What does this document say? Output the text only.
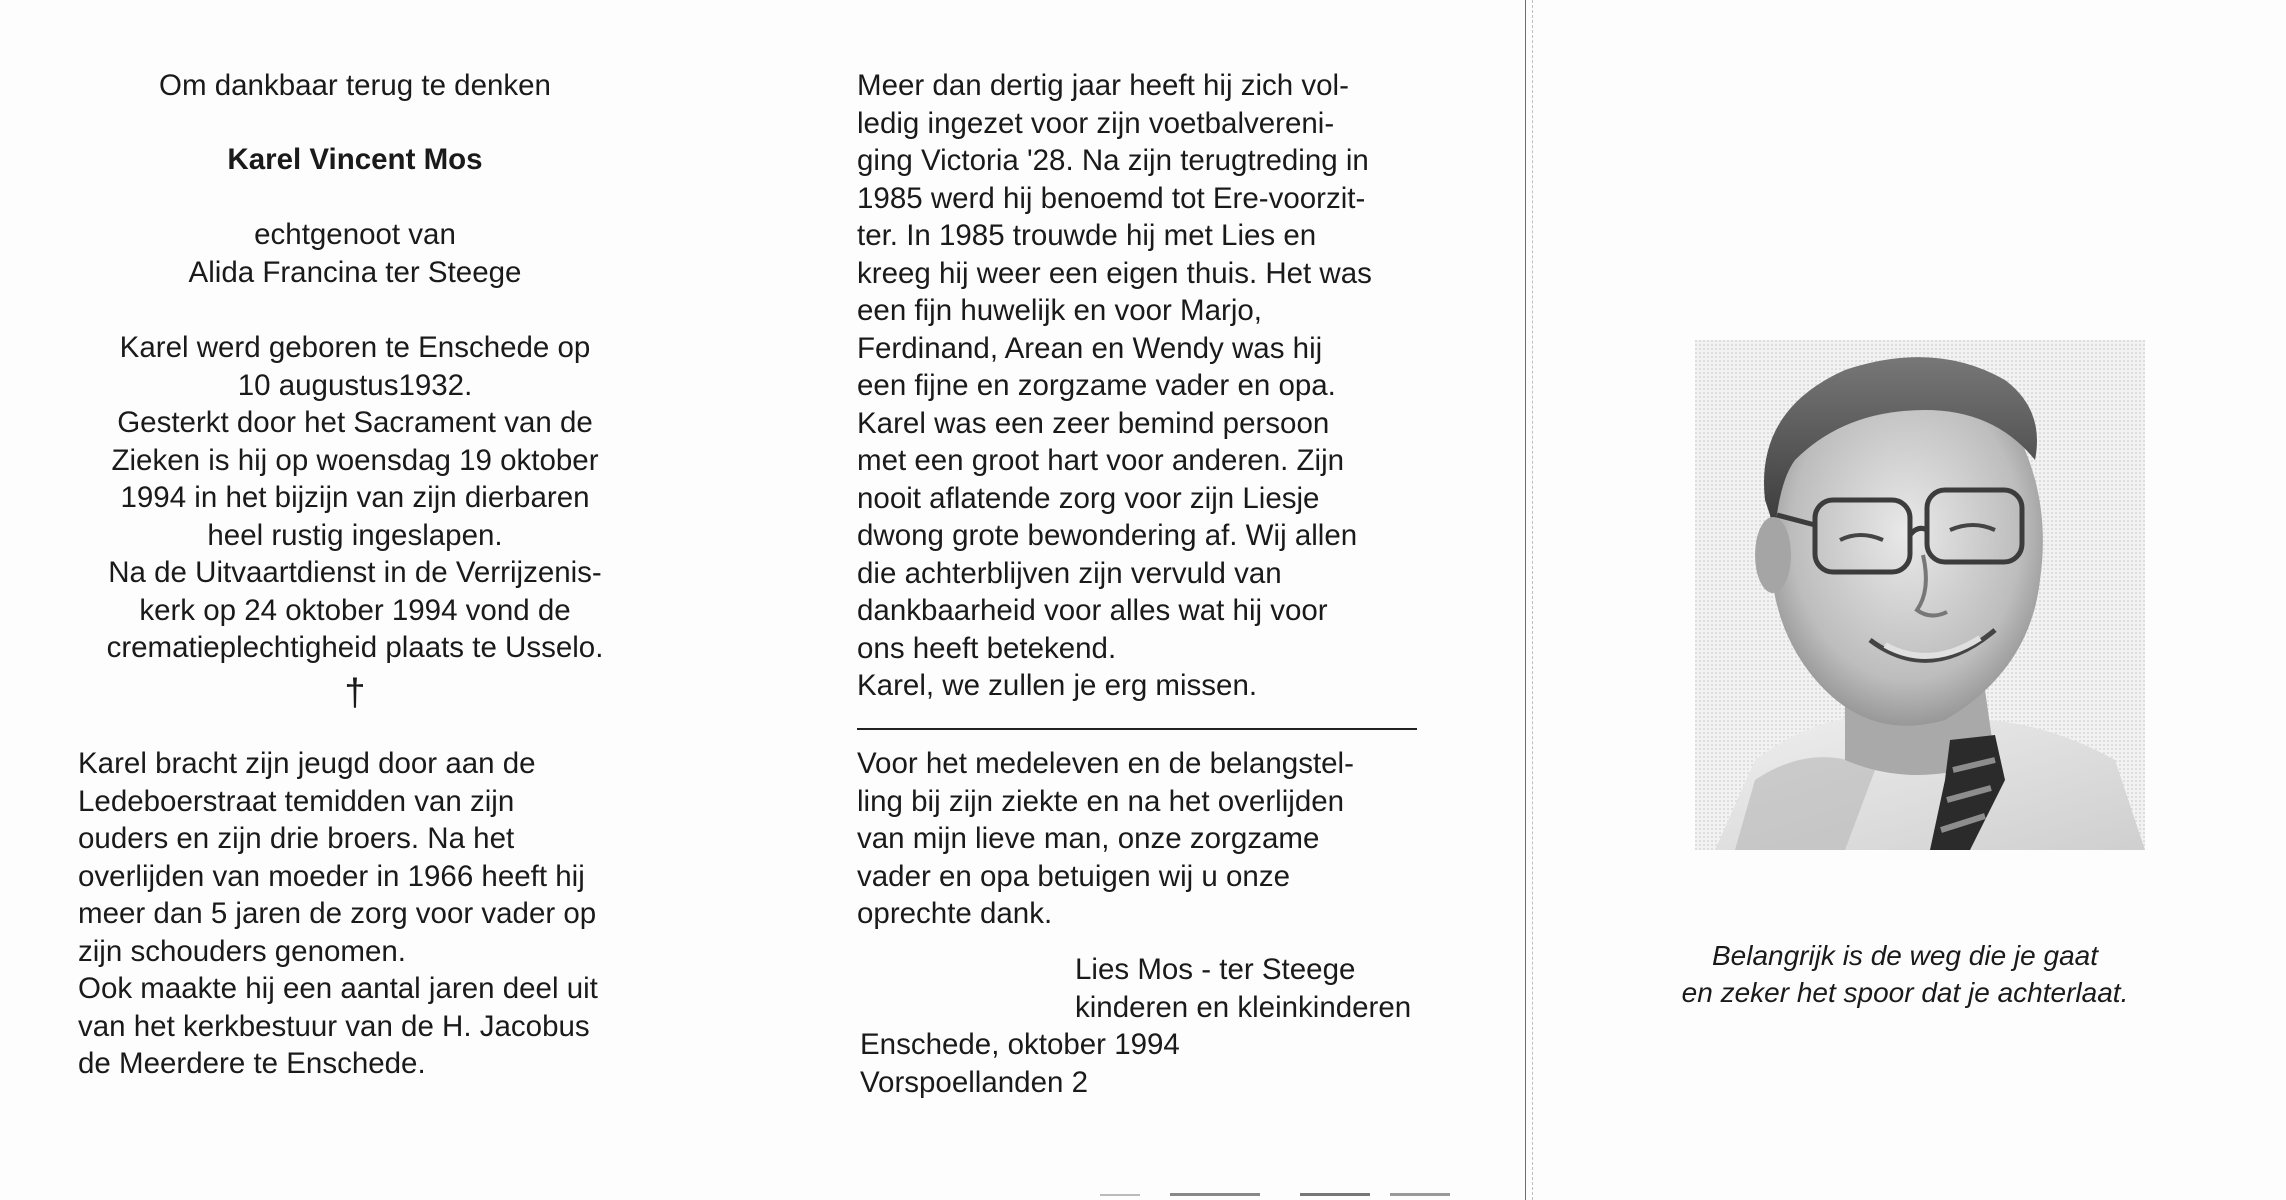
Om dankbaar terug te denken
Karel Vincent Mos
echtgenoot van
Alida Francina ter Steege
Karel werd geboren te Enschede op
10 augustus1932.
Gesterkt door het Sacrament van de
Zieken is hij op woensdag 19 oktober
1994 in het bijzijn van zijn dierbaren
heel rustig ingeslapen.
Na de Uitvaartdienst in de Verrijzenis-
kerk op 24 oktober 1994 vond de
crematieplechtigheid plaats te Usselo.
†
Karel bracht zijn jeugd door aan de
Ledeboerstraat temidden van zijn
ouders en zijn drie broers. Na het
overlijden van moeder in 1966 heeft hij
meer dan 5 jaren de zorg voor vader op
zijn schouders genomen.
Ook maakte hij een aantal jaren deel uit
van het kerkbestuur van de H. Jacobus
de Meerdere te Enschede.
Meer dan dertig jaar heeft hij zich vol-
ledig ingezet voor zijn voetbalvereni-
ging Victoria '28. Na zijn terugtreding in
1985 werd hij benoemd tot Ere-voorzit-
ter. In 1985 trouwde hij met Lies en
kreeg hij weer een eigen thuis. Het was
een fijn huwelijk en voor Marjo,
Ferdinand, Arean en Wendy was hij
een fijne en zorgzame vader en opa.
Karel was een zeer bemind persoon
met een groot hart voor anderen. Zijn
nooit aflatende zorg voor zijn Liesje
dwong grote bewondering af. Wij allen
die achterblijven zijn vervuld van
dankbaarheid voor alles wat hij voor
ons heeft betekend.
Karel, we zullen je erg missen.
Voor het medeleven en de belangstel-
ling bij zijn ziekte en na het overlijden
van mijn lieve man, onze zorgzame
vader en opa betuigen wij u onze
oprechte dank.
Lies Mos - ter Steege
kinderen en kleinkinderen
Enschede, oktober 1994
Vorspoellanden 2
Belangrijk is de weg die je gaat
en zeker het spoor dat je achterlaat.
